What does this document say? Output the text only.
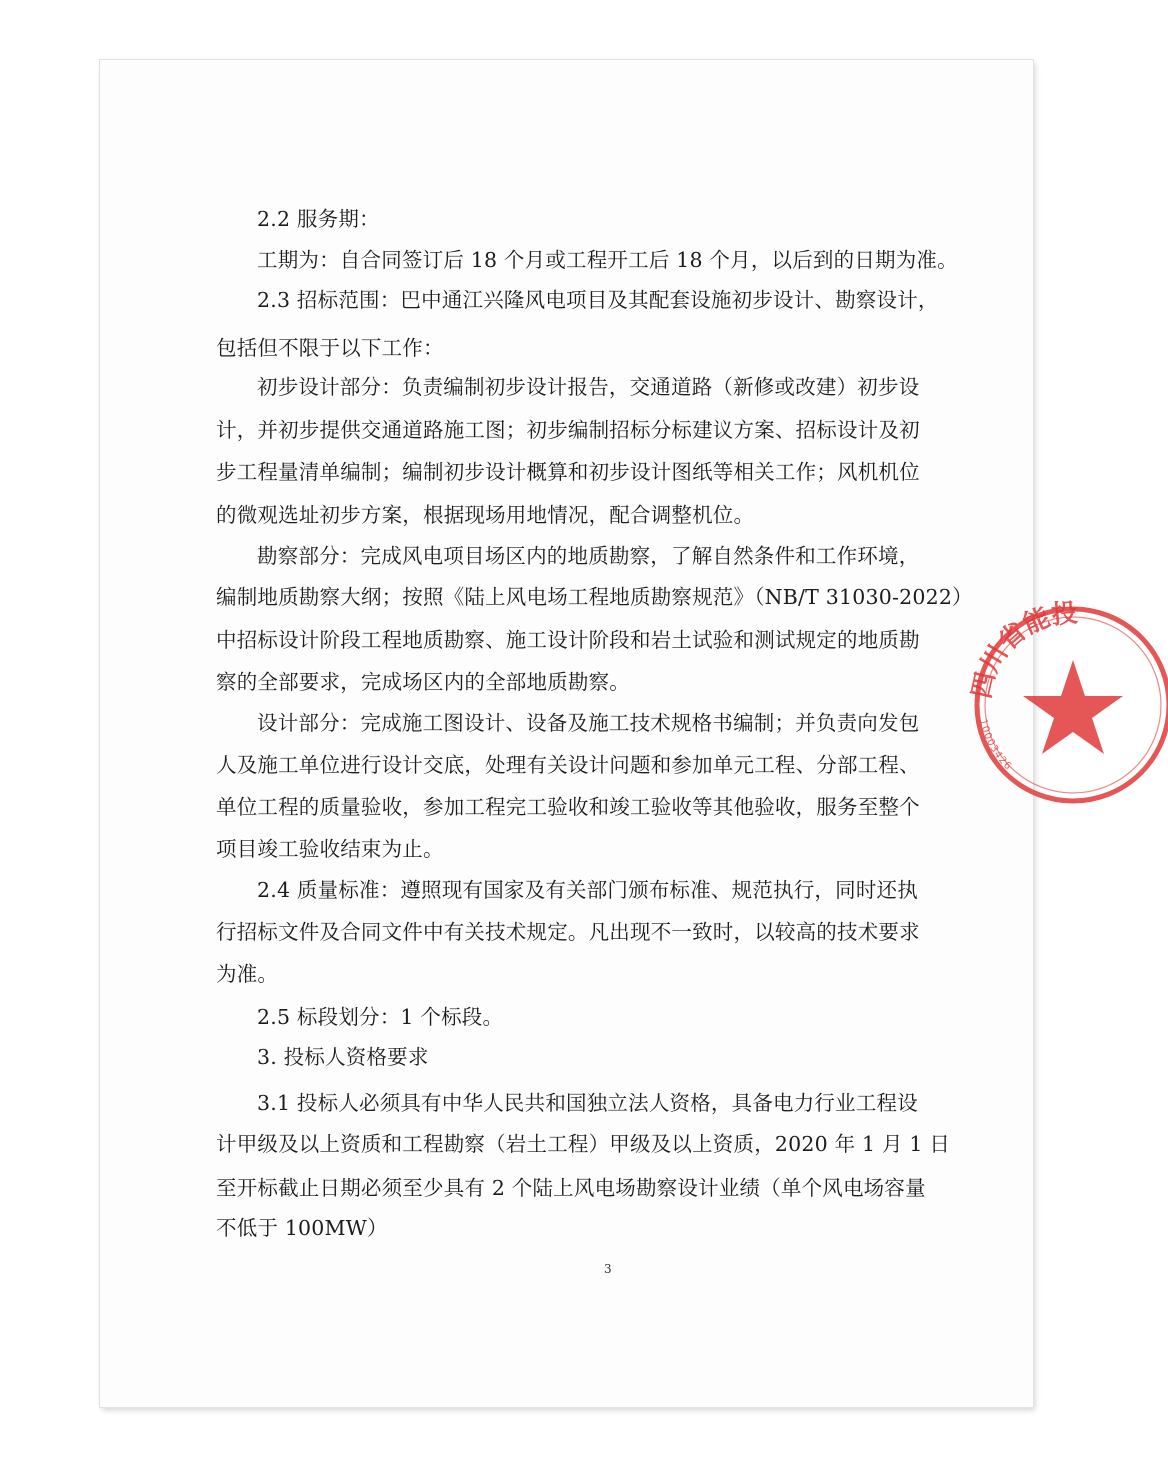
2.2 服务期：
工期为：自合同签订后 18 个月或工程开工后 18 个月，以后到的日期为准。
2.3 招标范围：巴中通江兴隆风电项目及其配套设施初步设计、勘察设计，
包括但不限于以下工作：
初步设计部分：负责编制初步设计报告，交通道路（新修或改建）初步设
计，并初步提供交通道路施工图；初步编制招标分标建议方案、招标设计及初
步工程量清单编制；编制初步设计概算和初步设计图纸等相关工作；风机机位
的微观选址初步方案，根据现场用地情况，配合调整机位。
勘察部分：完成风电项目场区内的地质勘察，了解自然条件和工作环境，
编制地质勘察大纲；按照《陆上风电场工程地质勘察规范》（NB/T 31030-2022）
中招标设计阶段工程地质勘察、施工设计阶段和岩土试验和测试规定的地质勘
察的全部要求，完成场区内的全部地质勘察。
设计部分：完成施工图设计、设备及施工技术规格书编制；并负责向发包
人及施工单位进行设计交底，处理有关设计问题和参加单元工程、分部工程、
单位工程的质量验收，参加工程完工验收和竣工验收等其他验收，服务至整个
项目竣工验收结束为止。
2.4 质量标准：遵照现有国家及有关部门颁布标准、规范执行，同时还执
行招标文件及合同文件中有关技术规定。凡出现不一致时，以较高的技术要求
为准。
2.5 标段划分：1 个标段。
3. 投标人资格要求
3.1 投标人必须具有中华人民共和国独立法人资格，具备电力行业工程设
计甲级及以上资质和工程勘察（岩土工程）甲级及以上资质，2020 年 1 月 1 日
至开标截止日期必须至少具有 2 个陆上风电场勘察设计业绩（单个风电场容量
不低于 100MW）
3
四川省能投
10003426
